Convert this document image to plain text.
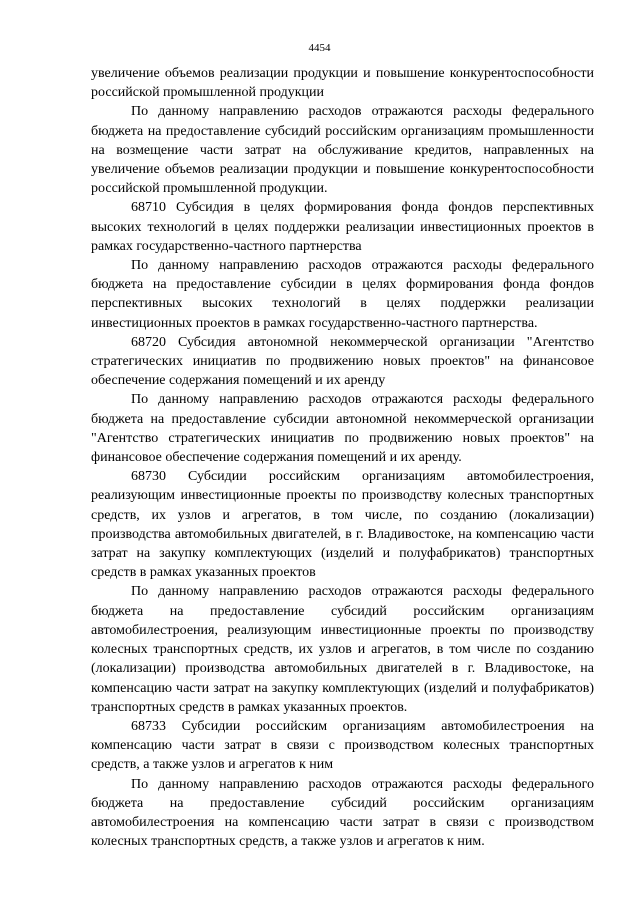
4454

увеличение объемов реализации продукции и повышение конкурентоспособности российской промышленной продукции

По данному направлению расходов отражаются расходы федерального бюджета на предоставление субсидий российским организациям промышленности на возмещение части затрат на обслуживание кредитов, направленных на увеличение объемов реализации продукции и повышение конкурентоспособности российской промышленной продукции.

68710 Субсидия в целях формирования фонда фондов перспективных высоких технологий в целях поддержки реализации инвестиционных проектов в рамках государственно-частного партнерства

По данному направлению расходов отражаются расходы федерального бюджета на предоставление субсидии в целях формирования фонда фондов перспективных высоких технологий в целях поддержки реализации инвестиционных проектов в рамках государственно-частного партнерства.

68720 Субсидия автономной некоммерческой организации "Агентство стратегических инициатив по продвижению новых проектов" на финансовое обеспечение содержания помещений и их аренду

По данному направлению расходов отражаются расходы федерального бюджета на предоставление субсидии автономной некоммерческой организации "Агентство стратегических инициатив по продвижению новых проектов" на финансовое обеспечение содержания помещений и их аренду.

68730 Субсидии российским организациям автомобилестроения, реализующим инвестиционные проекты по производству колесных транспортных средств, их узлов и агрегатов, в том числе, по созданию (локализации) производства автомобильных двигателей, в г. Владивостоке, на компенсацию части затрат на закупку комплектующих (изделий и полуфабрикатов) транспортных средств в рамках указанных проектов

По данному направлению расходов отражаются расходы федерального бюджета на предоставление субсидий российским организациям автомобилестроения, реализующим инвестиционные проекты по производству колесных транспортных средств, их узлов и агрегатов, в том числе по созданию (локализации) производства автомобильных двигателей в г. Владивостоке, на компенсацию части затрат на закупку комплектующих (изделий и полуфабрикатов) транспортных средств в рамках указанных проектов.

68733 Субсидии российским организациям автомобилестроения на компенсацию части затрат в связи с производством колесных транспортных средств, а также узлов и агрегатов к ним

По данному направлению расходов отражаются расходы федерального бюджета на предоставление субсидий российским организациям автомобилестроения на компенсацию части затрат в связи с производством колесных транспортных средств, а также узлов и агрегатов к ним.
